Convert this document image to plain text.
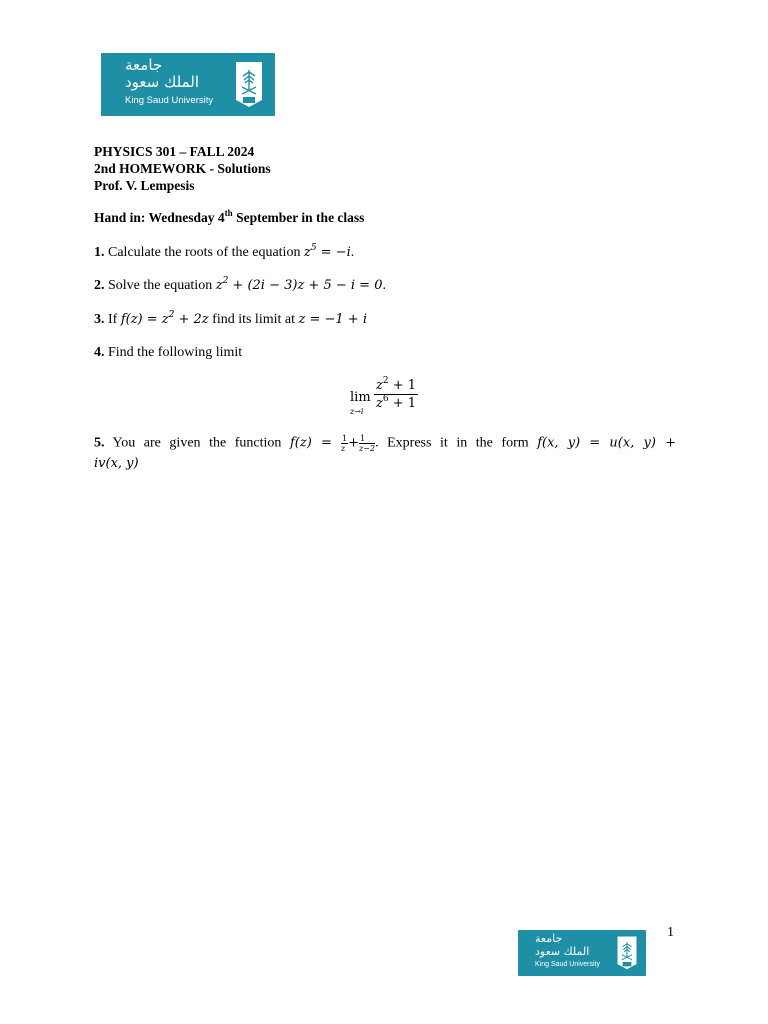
جامعة
الملك سعود
King Saud University
PHYSICS 301 – FALL 2024
2nd HOMEWORK - Solutions
Prof. V. Lempesis
Hand in: Wednesday 4th September in the class
1. Calculate the roots of the equation $z^5 = -i$.
2. Solve the equation $z^2 + (2i - 3)z + 5 - i = 0$.
3. If $f(z) = z^2 + 2z$ find its limit at z = −1 + i
4. Find the following limit
lim
z→i
$\frac{z^2 + 1}{z^6 + 1}$
5. You are given the function $f(z) = \frac{1}{z} + \frac{1}{z-2}$ . Express it in the form f(x, y) = u(x, y) +
iv(x, y)
1
جامعة
الملك سعود
King Saud University
